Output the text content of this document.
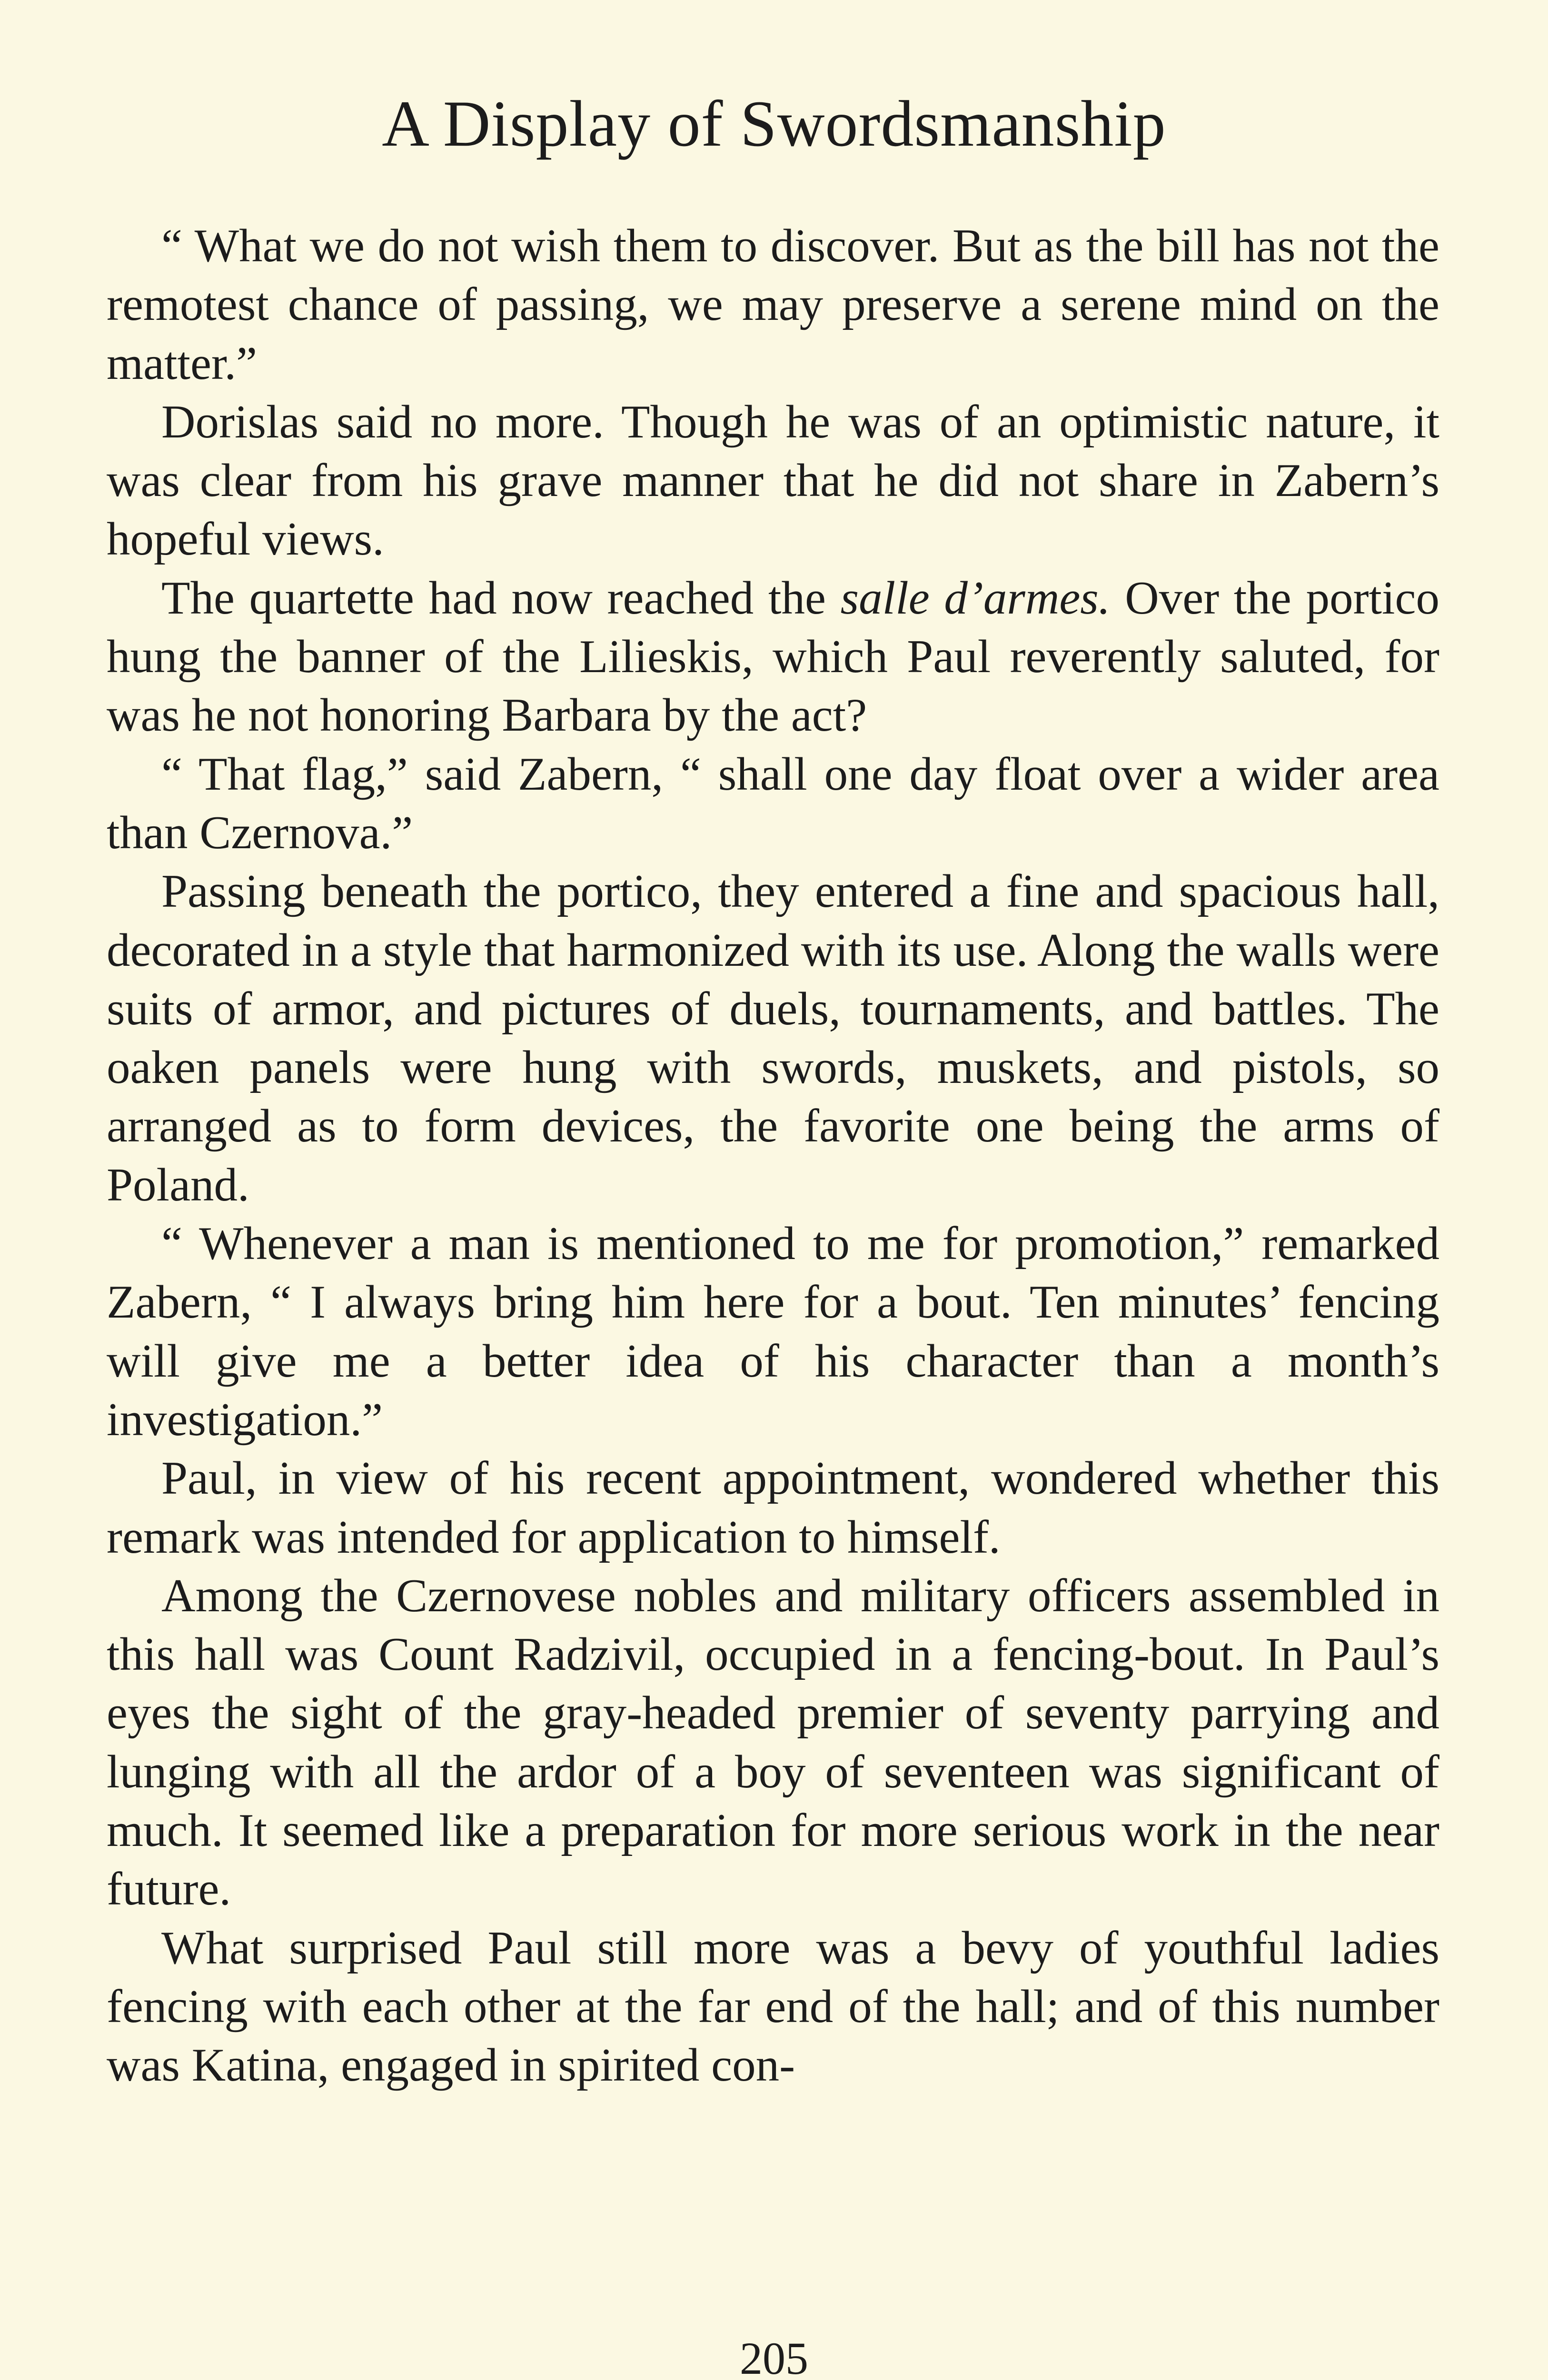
A Display of Swordsmanship

“ What we do not wish them to discover. But as the bill has not the remotest chance of passing, we may preserve a serene mind on the matter.”

Dorislas said no more. Though he was of an optimistic nature, it was clear from his grave manner that he did not share in Zabern’s hopeful views.

The quartette had now reached the salle d’armes. Over the portico hung the banner of the Lilieskis, which Paul reverently saluted, for was he not honoring Barbara by the act?

“ That flag,” said Zabern, “ shall one day float over a wider area than Czernova.”

Passing beneath the portico, they entered a fine and spacious hall, decorated in a style that harmonized with its use. Along the walls were suits of armor, and pictures of duels, tournaments, and battles. The oaken panels were hung with swords, muskets, and pistols, so arranged as to form devices, the favorite one being the arms of Poland.

“ Whenever a man is mentioned to me for promotion,” remarked Zabern, “ I always bring him here for a bout. Ten minutes’ fencing will give me a better idea of his character than a month’s investigation.”

Paul, in view of his recent appointment, wondered whether this remark was intended for application to himself.

Among the Czernovese nobles and military officers assembled in this hall was Count Radzivil, occupied in a fencing-bout. In Paul’s eyes the sight of the gray-headed premier of seventy parrying and lunging with all the ardor of a boy of seventeen was significant of much. It seemed like a preparation for more serious work in the near future.

What surprised Paul still more was a bevy of youthful ladies fencing with each other at the far end of the hall; and of this number was Katina, engaged in spirited con-

205
